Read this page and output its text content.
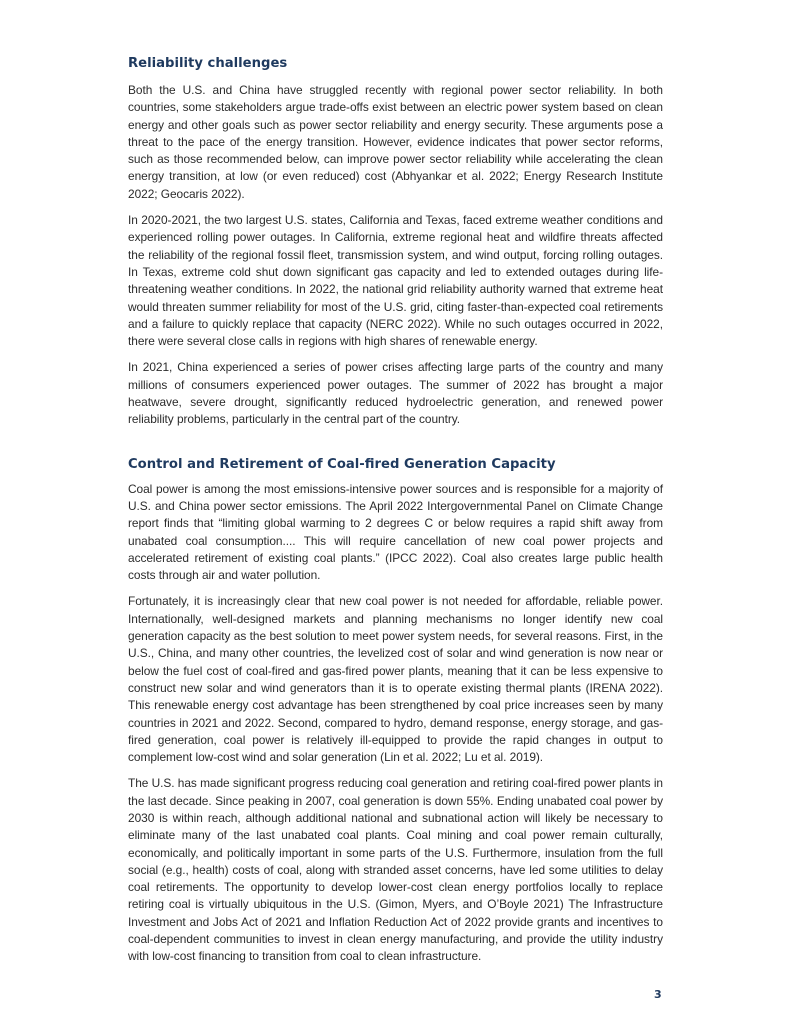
Reliability challenges

Both the U.S. and China have struggled recently with regional power sector reliability. In both countries, some stakeholders argue trade-offs exist between an electric power system based on clean energy and other goals such as power sector reliability and energy security. These arguments pose a threat to the pace of the energy transition. However, evidence indicates that power sector reforms, such as those recommended below, can improve power sector reliability while accelerating the clean energy transition, at low (or even reduced) cost (Abhyankar et al. 2022; Energy Research Institute 2022; Geocaris 2022).

In 2020-2021, the two largest U.S. states, California and Texas, faced extreme weather conditions and experienced rolling power outages. In California, extreme regional heat and wildfire threats affected the reliability of the regional fossil fleet, transmission system, and wind output, forcing rolling outages. In Texas, extreme cold shut down significant gas capacity and led to extended outages during life-threatening weather conditions. In 2022, the national grid reliability authority warned that extreme heat would threaten summer reliability for most of the U.S. grid, citing faster-than-expected coal retirements and a failure to quickly replace that capacity (NERC 2022). While no such outages occurred in 2022, there were several close calls in regions with high shares of renewable energy.

In 2021, China experienced a series of power crises affecting large parts of the country and many millions of consumers experienced power outages. The summer of 2022 has brought a major heatwave, severe drought, significantly reduced hydroelectric generation, and renewed power reliability problems, particularly in the central part of the country.

Control and Retirement of Coal-fired Generation Capacity

Coal power is among the most emissions-intensive power sources and is responsible for a majority of U.S. and China power sector emissions. The April 2022 Intergovernmental Panel on Climate Change report finds that “limiting global warming to 2 degrees C or below requires a rapid shift away from unabated coal consumption.... This will require cancellation of new coal power projects and accelerated retirement of existing coal plants.” (IPCC 2022). Coal also creates large public health costs through air and water pollution.

Fortunately, it is increasingly clear that new coal power is not needed for affordable, reliable power. Internationally, well-designed markets and planning mechanisms no longer identify new coal generation capacity as the best solution to meet power system needs, for several reasons. First, in the U.S., China, and many other countries, the levelized cost of solar and wind generation is now near or below the fuel cost of coal-fired and gas-fired power plants, meaning that it can be less expensive to construct new solar and wind generators than it is to operate existing thermal plants (IRENA 2022). This renewable energy cost advantage has been strengthened by coal price increases seen by many countries in 2021 and 2022. Second, compared to hydro, demand response, energy storage, and gas-fired generation, coal power is relatively ill-equipped to provide the rapid changes in output to complement low-cost wind and solar generation (Lin et al. 2022; Lu et al. 2019).

The U.S. has made significant progress reducing coal generation and retiring coal-fired power plants in the last decade. Since peaking in 2007, coal generation is down 55%. Ending unabated coal power by 2030 is within reach, although additional national and subnational action will likely be necessary to eliminate many of the last unabated coal plants. Coal mining and coal power remain culturally, economically, and politically important in some parts of the U.S. Furthermore, insulation from the full social (e.g., health) costs of coal, along with stranded asset concerns, have led some utilities to delay coal retirements. The opportunity to develop lower-cost clean energy portfolios locally to replace retiring coal is virtually ubiquitous in the U.S. (Gimon, Myers, and O’Boyle 2021) The Infrastructure Investment and Jobs Act of 2021 and Inflation Reduction Act of 2022 provide grants and incentives to coal-dependent communities to invest in clean energy manufacturing, and provide the utility industry with low-cost financing to transition from coal to clean infrastructure.

3
